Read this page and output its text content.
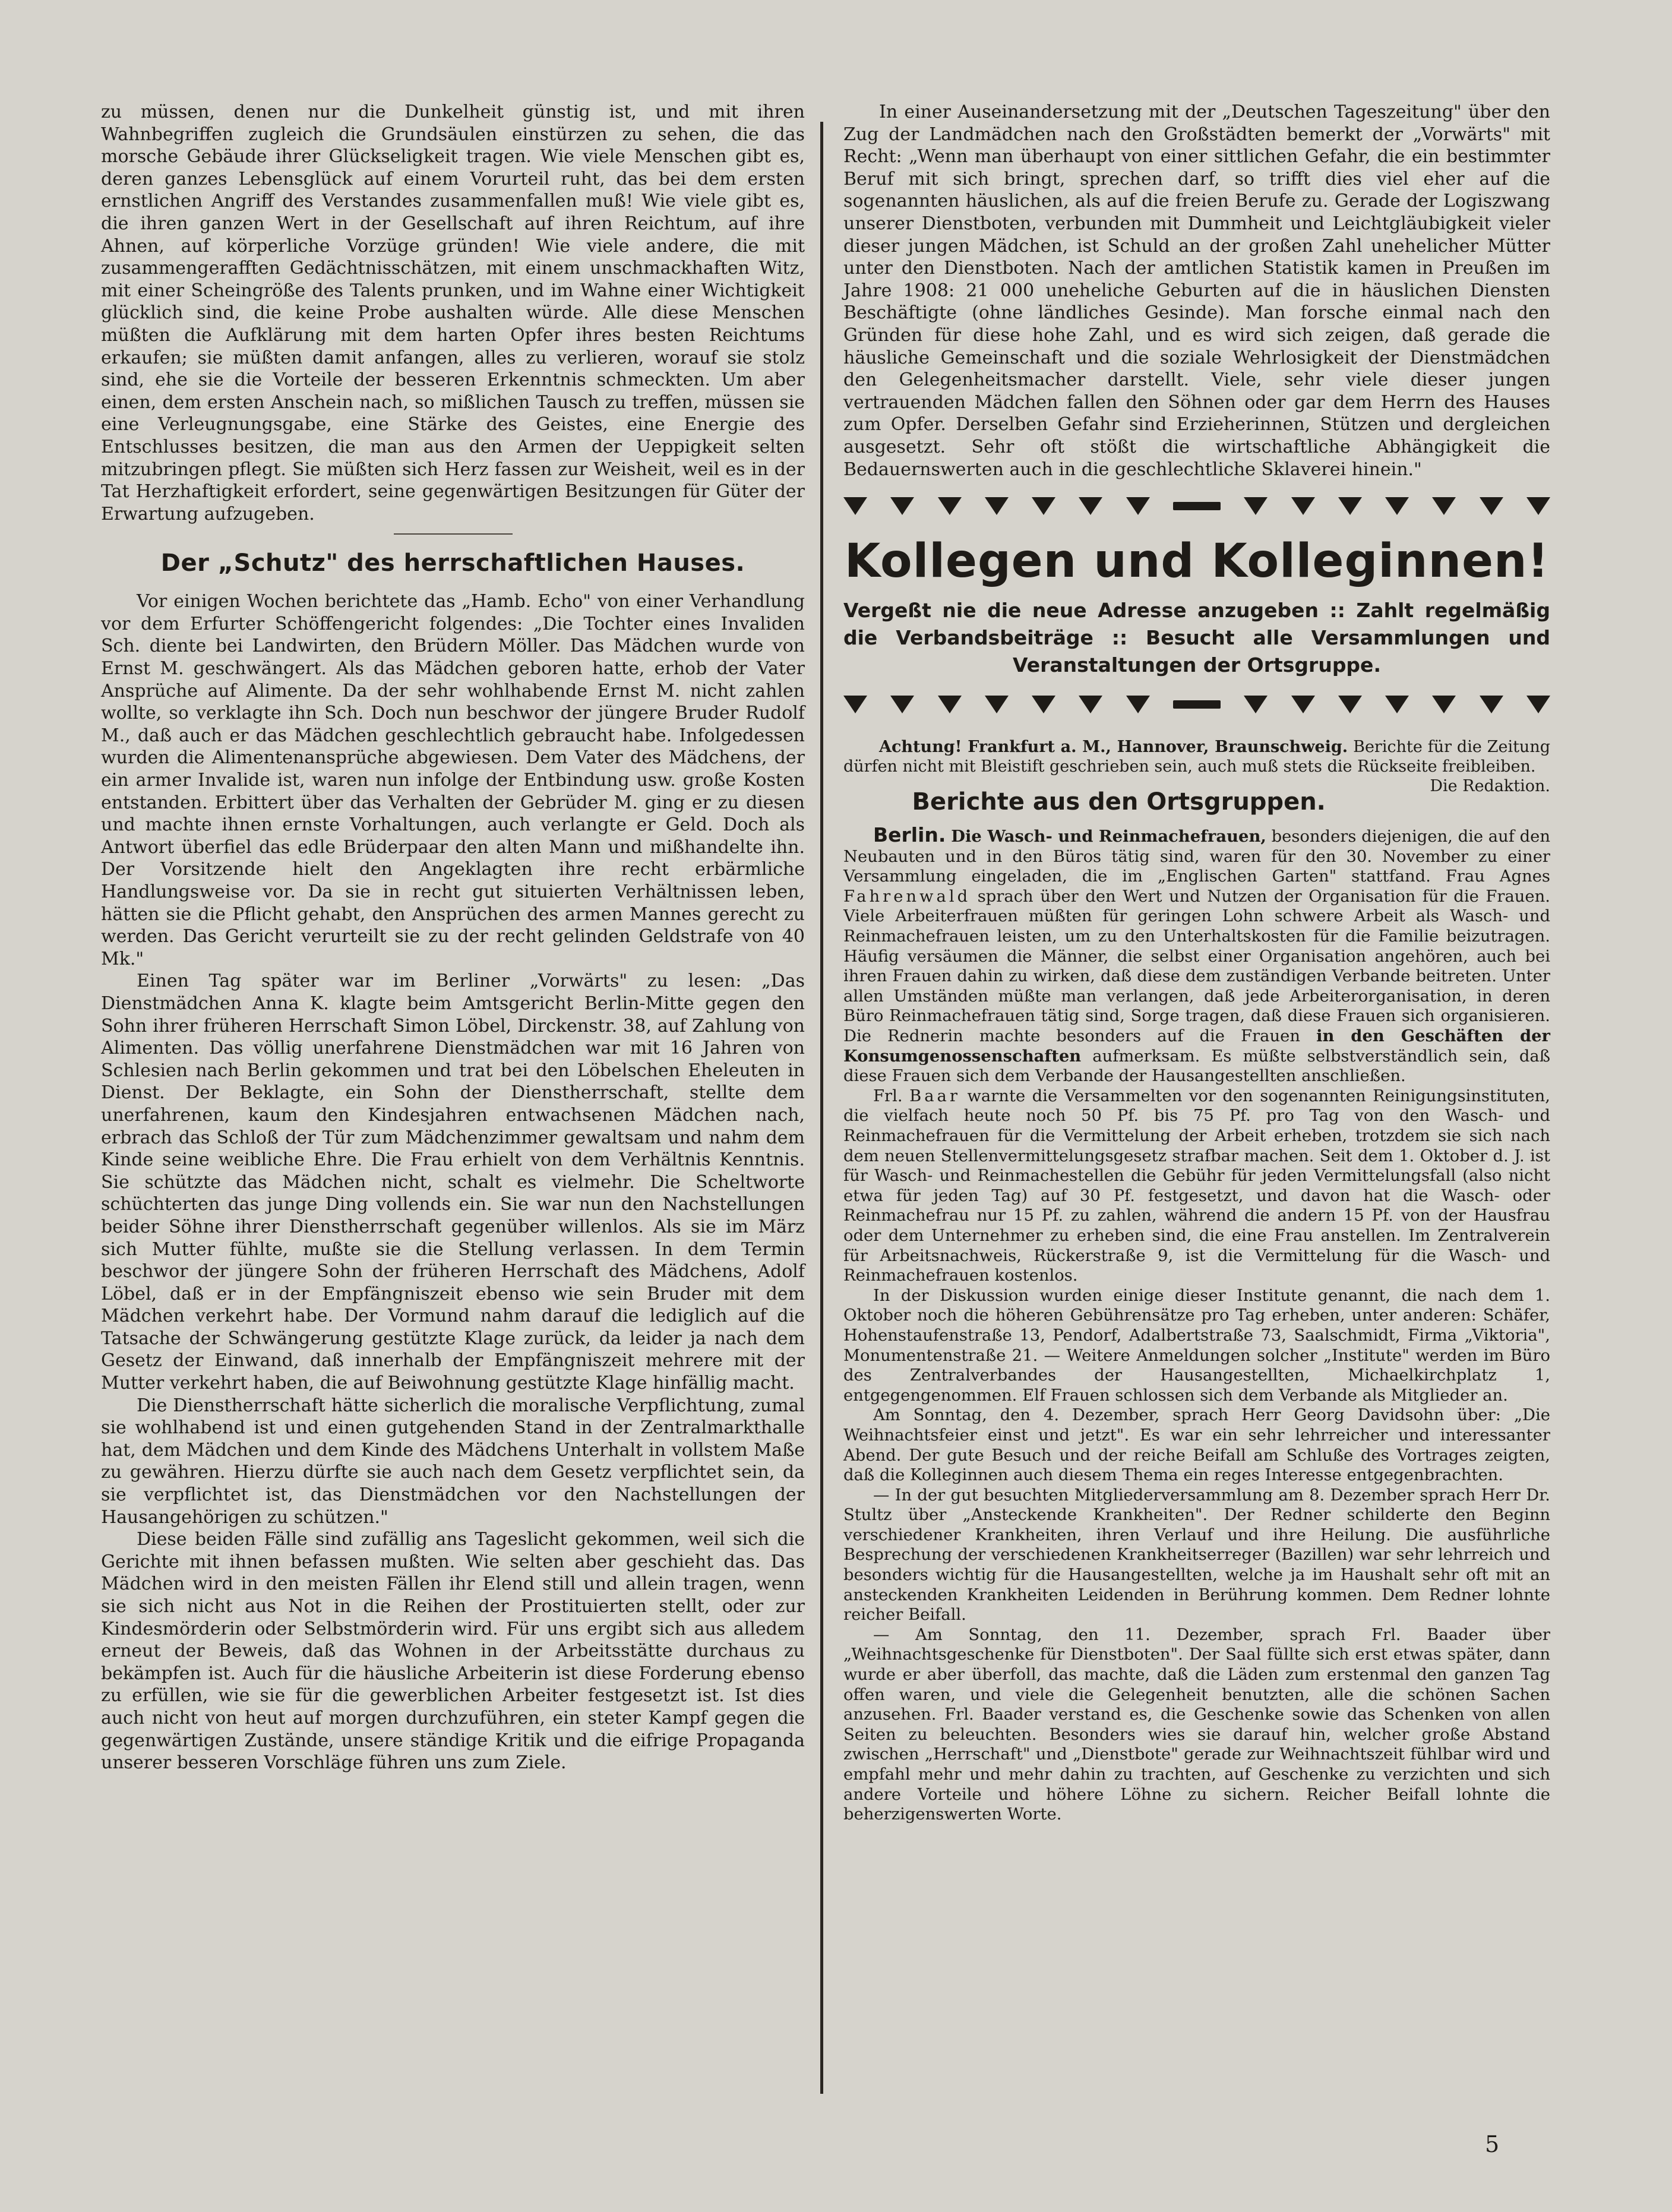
zu müssen, denen nur die Dunkelheit günstig ist, und mit ihren Wahnbegriffen zugleich die Grundsäulen einstürzen zu sehen, die das morsche Gebäude ihrer Glückseligkeit tragen. Wie viele Menschen gibt es, deren ganzes Lebensglück auf einem Vorurteil ruht, das bei dem ersten ernstlichen Angriff des Verstandes zusammenfallen muß! Wie viele gibt es, die ihren ganzen Wert in der Gesellschaft auf ihren Reichtum, auf ihre Ahnen, auf körperliche Vorzüge gründen! Wie viele andere, die mit zusammengerafften Gedächtnisschätzen, mit einem unschmackhaften Witz, mit einer Scheingröße des Talents prunken, und im Wahne einer Wichtigkeit glücklich sind, die keine Probe aushalten würde. Alle diese Menschen müßten die Aufklärung mit dem harten Opfer ihres besten Reichtums erkaufen; sie müßten damit anfangen, alles zu verlieren, worauf sie stolz sind, ehe sie die Vorteile der besseren Erkenntnis schmeckten. Um aber einen, dem ersten Anschein nach, so mißlichen Tausch zu treffen, müssen sie eine Verleugnungsgabe, eine Stärke des Geistes, eine Energie des Entschlusses besitzen, die man aus den Armen der Ueppigkeit selten mitzubringen pflegt. Sie müßten sich Herz fassen zur Weisheit, weil es in der Tat Herzhaftigkeit erfordert, seine gegenwärtigen Besitzungen für Güter der Erwartung aufzugeben.

Der „Schutz" des herrschaftlichen Hauses.

Vor einigen Wochen berichtete das „Hamb. Echo" von einer Verhandlung vor dem Erfurter Schöffengericht folgendes: „Die Tochter eines Invaliden Sch. diente bei Landwirten, den Brüdern Möller. Das Mädchen wurde von Ernst M. geschwängert. Als das Mädchen geboren hatte, erhob der Vater Ansprüche auf Alimente. Da der sehr wohlhabende Ernst M. nicht zahlen wollte, so verklagte ihn Sch. Doch nun beschwor der jüngere Bruder Rudolf M., daß auch er das Mädchen geschlechtlich gebraucht habe. Infolgedessen wurden die Alimentenansprüche abgewiesen. Dem Vater des Mädchens, der ein armer Invalide ist, waren nun infolge der Entbindung usw. große Kosten entstanden. Erbittert über das Verhalten der Gebrüder M. ging er zu diesen und machte ihnen ernste Vorhaltungen, auch verlangte er Geld. Doch als Antwort überfiel das edle Brüderpaar den alten Mann und mißhandelte ihn. Der Vorsitzende hielt den Angeklagten ihre recht erbärmliche Handlungsweise vor. Da sie in recht gut situierten Verhältnissen leben, hätten sie die Pflicht gehabt, den Ansprüchen des armen Mannes gerecht zu werden. Das Gericht verurteilt sie zu der recht gelinden Geldstrafe von 40 Mk."

Einen Tag später war im Berliner „Vorwärts" zu lesen: „Das Dienstmädchen Anna K. klagte beim Amtsgericht Berlin-Mitte gegen den Sohn ihrer früheren Herrschaft Simon Löbel, Dirckenstr. 38, auf Zahlung von Alimenten. Das völlig unerfahrene Dienstmädchen war mit 16 Jahren von Schlesien nach Berlin gekommen und trat bei den Löbelschen Eheleuten in Dienst. Der Beklagte, ein Sohn der Dienstherrschaft, stellte dem unerfahrenen, kaum den Kindesjahren entwachsenen Mädchen nach, erbrach das Schloß der Tür zum Mädchenzimmer gewaltsam und nahm dem Kinde seine weibliche Ehre. Die Frau erhielt von dem Verhältnis Kenntnis. Sie schützte das Mädchen nicht, schalt es vielmehr. Die Scheltworte schüchterten das junge Ding vollends ein. Sie war nun den Nachstellungen beider Söhne ihrer Dienstherrschaft gegenüber willenlos. Als sie im März sich Mutter fühlte, mußte sie die Stellung verlassen. In dem Termin beschwor der jüngere Sohn der früheren Herrschaft des Mädchens, Adolf Löbel, daß er in der Empfängniszeit ebenso wie sein Bruder mit dem Mädchen verkehrt habe. Der Vormund nahm darauf die lediglich auf die Tatsache der Schwängerung gestützte Klage zurück, da leider ja nach dem Gesetz der Einwand, daß innerhalb der Empfängniszeit mehrere mit der Mutter verkehrt haben, die auf Beiwohnung gestützte Klage hinfällig macht.

Die Dienstherrschaft hätte sicherlich die moralische Verpflichtung, zumal sie wohlhabend ist und einen gutgehenden Stand in der Zentralmarkthalle hat, dem Mädchen und dem Kinde des Mädchens Unterhalt in vollstem Maße zu gewähren. Hierzu dürfte sie auch nach dem Gesetz verpflichtet sein, da sie verpflichtet ist, das Dienstmädchen vor den Nachstellungen der Hausangehörigen zu schützen."

Diese beiden Fälle sind zufällig ans Tageslicht gekommen, weil sich die Gerichte mit ihnen befassen mußten. Wie selten aber geschieht das. Das Mädchen wird in den meisten Fällen ihr Elend still und allein tragen, wenn sie sich nicht aus Not in die Reihen der Prostituierten stellt, oder zur Kindesmörderin oder Selbstmörderin wird. Für uns ergibt sich aus alledem erneut der Beweis, daß das Wohnen in der Arbeitsstätte durchaus zu bekämpfen ist. Auch für die häusliche Arbeiterin ist diese Forderung ebenso zu erfüllen, wie sie für die gewerblichen Arbeiter festgesetzt ist. Ist dies auch nicht von heut auf morgen durchzuführen, ein steter Kampf gegen die gegenwärtigen Zustände, unsere ständige Kritik und die eifrige Propaganda unserer besseren Vorschläge führen uns zum Ziele.

In einer Auseinandersetzung mit der „Deutschen Tageszeitung" über den Zug der Landmädchen nach den Großstädten bemerkt der „Vorwärts" mit Recht: „Wenn man überhaupt von einer sittlichen Gefahr, die ein bestimmter Beruf mit sich bringt, sprechen darf, so trifft dies viel eher auf die sogenannten häuslichen, als auf die freien Berufe zu. Gerade der Logiszwang unserer Dienstboten, verbunden mit Dummheit und Leichtgläubigkeit vieler dieser jungen Mädchen, ist Schuld an der großen Zahl unehelicher Mütter unter den Dienstboten. Nach der amtlichen Statistik kamen in Preußen im Jahre 1908: 21 000 uneheliche Geburten auf die in häuslichen Diensten Beschäftigte (ohne ländliches Gesinde). Man forsche einmal nach den Gründen für diese hohe Zahl, und es wird sich zeigen, daß gerade die häusliche Gemeinschaft und die soziale Wehrlosigkeit der Dienstmädchen den Gelegenheitsmacher darstellt. Viele, sehr viele dieser jungen vertrauenden Mädchen fallen den Söhnen oder gar dem Herrn des Hauses zum Opfer. Derselben Gefahr sind Erzieherinnen, Stützen und dergleichen ausgesetzt. Sehr oft stößt die wirtschaftliche Abhängigkeit die Bedauernswerten auch in die geschlechtliche Sklaverei hinein."

Kollegen und Kolleginnen!
Vergeßt nie die neue Adresse anzugeben :: Zahlt regelmäßig die Verbandsbeiträge :: Besucht alle Versammlungen und Veranstaltungen der Ortsgruppe.
Achtung! Frankfurt a. M., Hannover, Braunschweig. Berichte für die Zeitung dürfen nicht mit Bleistift geschrieben sein, auch muß stets die Rückseite freibleiben.
Die Redaktion.
Berichte aus den Ortsgruppen.

Berlin. Die Wasch- und Reinmachefrauen, besonders diejenigen, die auf den Neubauten und in den Büros tätig sind, waren für den 30. November zu einer Versammlung eingeladen, die im „Englischen Garten" stattfand. Frau Agnes Fahrenwald sprach über den Wert und Nutzen der Organisation für die Frauen. Viele Arbeiterfrauen müßten für geringen Lohn schwere Arbeit als Wasch- und Reinmachefrauen leisten, um zu den Unterhaltskosten für die Familie beizutragen. Häufig versäumen die Männer, die selbst einer Organisation angehören, auch bei ihren Frauen dahin zu wirken, daß diese dem zuständigen Verbande beitreten. Unter allen Umständen müßte man verlangen, daß jede Arbeiterorganisation, in deren Büro Reinmachefrauen tätig sind, Sorge tragen, daß diese Frauen sich organisieren. Die Rednerin machte besonders auf die Frauen in den Geschäften der Konsumgenossenschaften aufmerksam. Es müßte selbstverständlich sein, daß diese Frauen sich dem Verbande der Hausangestellten anschließen.

Frl. Baar warnte die Versammelten vor den sogenannten Reinigungsinstituten, die vielfach heute noch 50 Pf. bis 75 Pf. pro Tag von den Wasch- und Reinmachefrauen für die Vermittelung der Arbeit erheben, trotzdem sie sich nach dem neuen Stellenvermittelungsgesetz strafbar machen. Seit dem 1. Oktober d. J. ist für Wasch- und Reinmachestellen die Gebühr für jeden Vermittelungsfall (also nicht etwa für jeden Tag) auf 30 Pf. festgesetzt, und davon hat die Wasch- oder Reinmachefrau nur 15 Pf. zu zahlen, während die andern 15 Pf. von der Hausfrau oder dem Unternehmer zu erheben sind, die eine Frau anstellen. Im Zentralverein für Arbeitsnachweis, Rückerstraße 9, ist die Vermittelung für die Wasch- und Reinmachefrauen kostenlos.

In der Diskussion wurden einige dieser Institute genannt, die nach dem 1. Oktober noch die höheren Gebührensätze pro Tag erheben, unter anderen: Schäfer, Hohenstaufenstraße 13, Pendorf, Adalbertstraße 73, Saalschmidt, Firma „Viktoria", Monumentenstraße 21. — Weitere Anmeldungen solcher „Institute" werden im Büro des Zentralverbandes der Hausangestellten, Michaelkirchplatz 1, entgegengenommen. Elf Frauen schlossen sich dem Verbande als Mitglieder an.

Am Sonntag, den 4. Dezember, sprach Herr Georg Davidsohn über: „Die Weihnachtsfeier einst und jetzt". Es war ein sehr lehrreicher und interessanter Abend. Der gute Besuch und der reiche Beifall am Schluße des Vortrages zeigten, daß die Kolleginnen auch diesem Thema ein reges Interesse entgegenbrachten.

— In der gut besuchten Mitgliederversammlung am 8. Dezember sprach Herr Dr. Stultz über „Ansteckende Krankheiten". Der Redner schilderte den Beginn verschiedener Krankheiten, ihren Verlauf und ihre Heilung. Die ausführliche Besprechung der verschiedenen Krankheitserreger (Bazillen) war sehr lehrreich und besonders wichtig für die Hausangestellten, welche ja im Haushalt sehr oft mit an ansteckenden Krankheiten Leidenden in Berührung kommen. Dem Redner lohnte reicher Beifall.

— Am Sonntag, den 11. Dezember, sprach Frl. Baader über „Weihnachtsgeschenke für Dienstboten". Der Saal füllte sich erst etwas später, dann wurde er aber überfoll, das machte, daß die Läden zum erstenmal den ganzen Tag offen waren, und viele die Gelegenheit benutzten, alle die schönen Sachen anzusehen. Frl. Baader verstand es, die Geschenke sowie das Schenken von allen Seiten zu beleuchten. Besonders wies sie darauf hin, welcher große Abstand zwischen „Herrschaft" und „Dienstbote" gerade zur Weihnachtszeit fühlbar wird und empfahl mehr und mehr dahin zu trachten, auf Geschenke zu verzichten und sich andere Vorteile und höhere Löhne zu sichern. Reicher Beifall lohnte die beherzigenswerten Worte.

5
